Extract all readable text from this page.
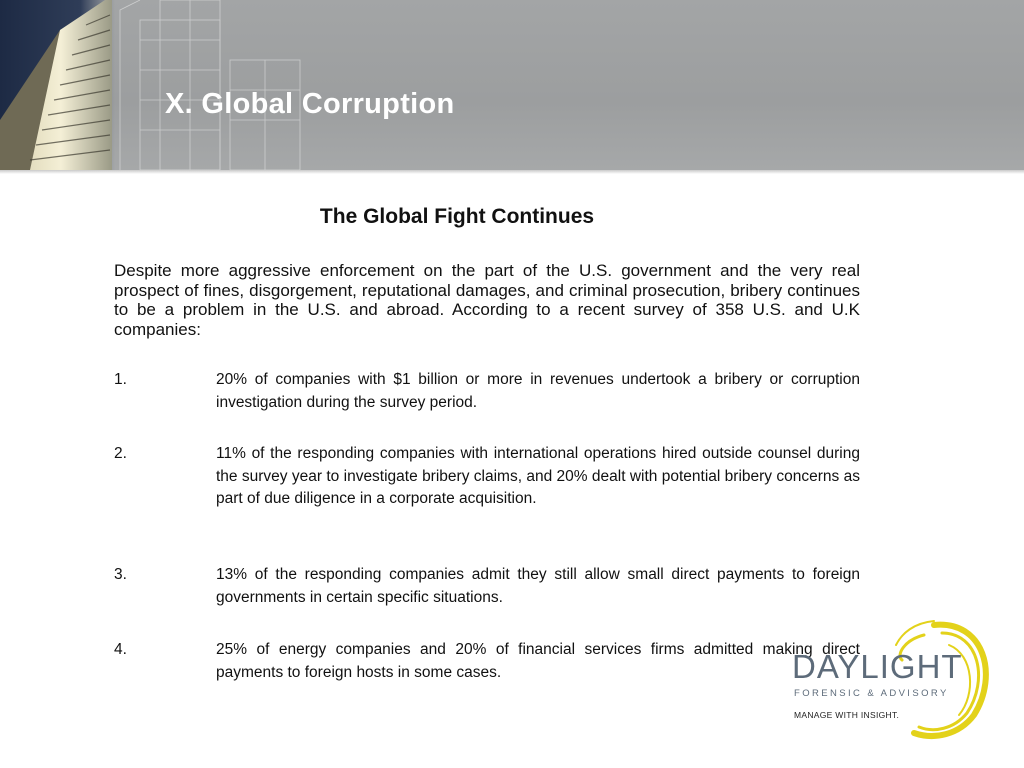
X. Global Corruption
The Global Fight Continues

Despite more aggressive enforcement on the part of the U.S. government and the very real prospect of fines, disgorgement, reputational damages, and criminal prosecution, bribery continues to be a problem in the U.S. and abroad. According to a recent survey of 358 U.S. and U.K companies:

1.	20% of companies with $1 billion or more in revenues undertook a bribery or corruption investigation during the survey period.
2.	11% of the responding companies with international operations hired outside counsel during the survey year to investigate bribery claims, and 20% dealt with potential bribery concerns as part of due diligence in a corporate acquisition.
3.	13% of the responding companies admit they still allow small direct payments to foreign governments in certain specific situations.
4.	25% of energy companies and 20% of financial services firms admitted making direct payments to foreign hosts in some cases.	DAYLIGHT
FORENSIC & ADVISORY
MANAGE WITH INSIGHT.
